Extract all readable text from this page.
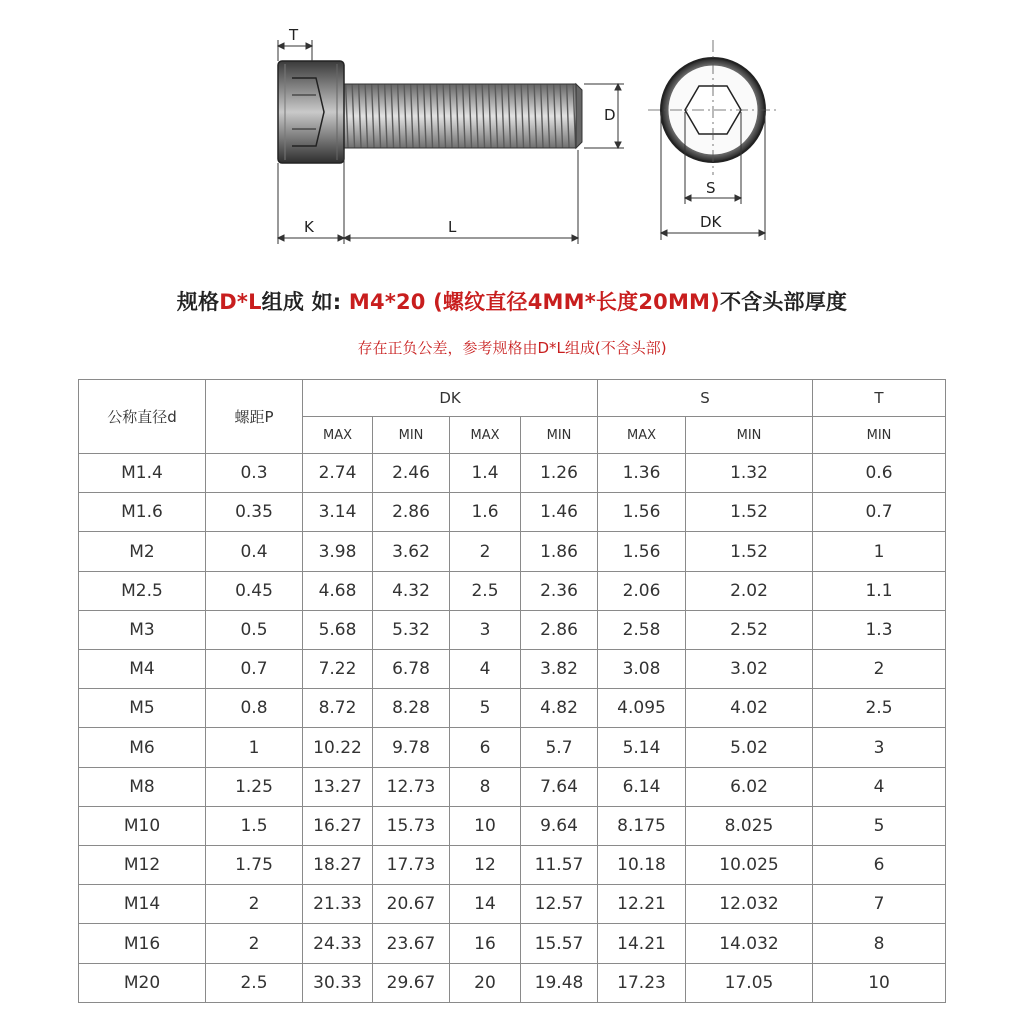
T
K	L
D
S
DK
规格D*L组成 如: M4*20 (螺纹直径4MM*长度20MM)不含头部厚度
存在正负公差，参考规格由D*L组成(不含头部)
公称直径d	螺距P	DK				S		T
		MAX	MIN	MAX	MIN	MAX	MIN	MIN
M1.4	0.3	2.74	2.46	1.4	1.26	1.36	1.32	0.6
M1.6	0.35	3.14	2.86	1.6	1.46	1.56	1.52	0.7
M2	0.4	3.98	3.62	2	1.86	1.56	1.52	1
M2.5	0.45	4.68	4.32	2.5	2.36	2.06	2.02	1.1
M3	0.5	5.68	5.32	3	2.86	2.58	2.52	1.3
M4	0.7	7.22	6.78	4	3.82	3.08	3.02	2
M5	0.8	8.72	8.28	5	4.82	4.095	4.02	2.5
M6	1	10.22	9.78	6	5.7	5.14	5.02	3
M8	1.25	13.27	12.73	8	7.64	6.14	6.02	4
M10	1.5	16.27	15.73	10	9.64	8.175	8.025	5
M12	1.75	18.27	17.73	12	11.57	10.18	10.025	6
M14	2	21.33	20.67	14	12.57	12.21	12.032	7
M16	2	24.33	23.67	16	15.57	14.21	14.032	8
M20	2.5	30.33	29.67	20	19.48	17.23	17.05	10
